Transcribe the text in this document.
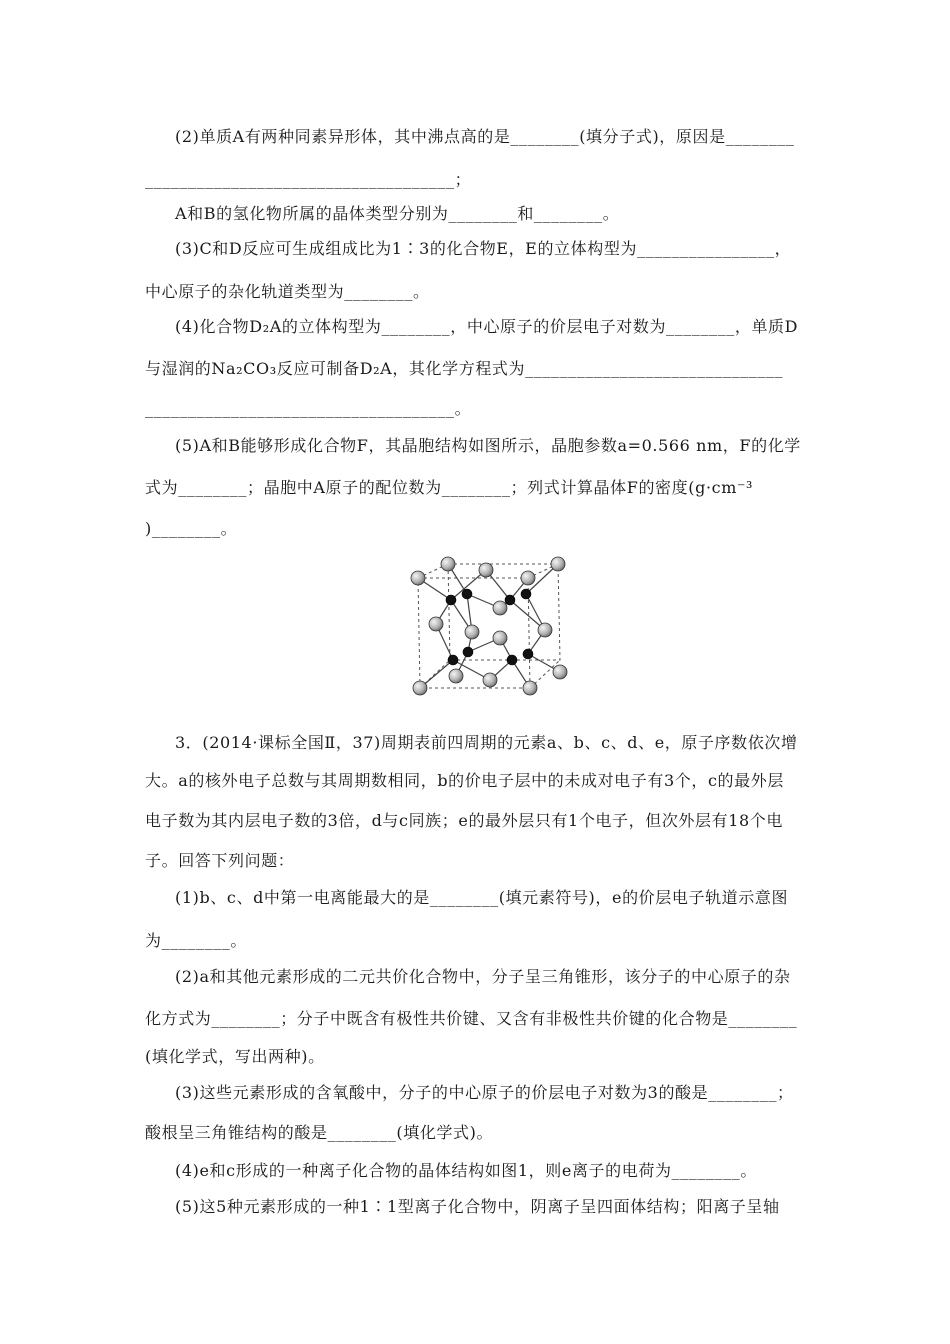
(2)单质A有两种同素异形体，其中沸点高的是________(填分子式)，原因是________
____________________________________；
A和B的氢化物所属的晶体类型分别为________和________。
(3)C和D反应可生成组成比为1∶3的化合物E，E的立体构型为________________，
中心原子的杂化轨道类型为________。
(4)化合物D₂A的立体构型为________，中心原子的价层电子对数为________，单质D
与湿润的Na₂CO₃反应可制备D₂A，其化学方程式为______________________________
____________________________________。
(5)A和B能够形成化合物F，其晶胞结构如图所示，晶胞参数a=0.566 nm，F的化学
式为________；晶胞中A原子的配位数为________；列式计算晶体F的密度(g·cm⁻³
)________。
3．(2014·课标全国Ⅱ，37)周期表前四周期的元素a、b、c、d、e，原子序数依次增
大。a的核外电子总数与其周期数相同，b的价电子层中的未成对电子有3个，c的最外层
电子数为其内层电子数的3倍，d与c同族；e的最外层只有1个电子，但次外层有18个电
子。回答下列问题：
(1)b、c、d中第一电离能最大的是________(填元素符号)，e的价层电子轨道示意图
为________。
(2)a和其他元素形成的二元共价化合物中，分子呈三角锥形，该分子的中心原子的杂
化方式为________；分子中既含有极性共价键、又含有非极性共价键的化合物是________
(填化学式，写出两种)。
(3)这些元素形成的含氧酸中，分子的中心原子的价层电子对数为3的酸是________；
酸根呈三角锥结构的酸是________(填化学式)。
(4)e和c形成的一种离子化合物的晶体结构如图1，则e离子的电荷为________。
(5)这5种元素形成的一种1∶1型离子化合物中，阴离子呈四面体结构；阳离子呈轴
